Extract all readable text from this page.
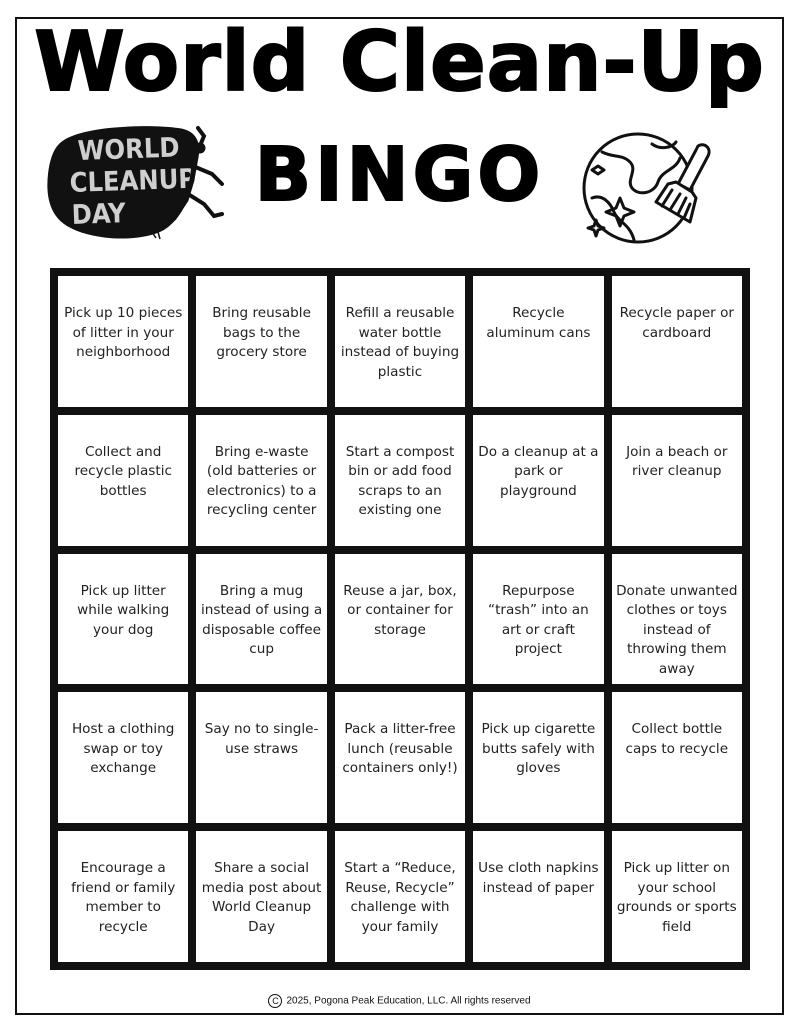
World Clean-Up
BINGO
WORLD
CLEANUP
DAY
Pick up 10 pieces of litter in your neighborhood
Bring reusable bags to the grocery store
Refill a reusable water bottle instead of buying plastic
Recycle aluminum cans
Recycle paper or cardboard
Collect and recycle plastic bottles
Bring e-waste (old batteries or electronics) to a recycling center
Start a compost bin or add food scraps to an existing one
Do a cleanup at a park or playground
Join a beach or river cleanup
Pick up litter while walking your dog
Bring a mug instead of using a disposable coffee cup
Reuse a jar, box, or container for storage
Repurpose “trash” into an art or craft project
Donate unwanted clothes or toys instead of throwing them away
Host a clothing swap or toy exchange
Say no to single-use straws
Pack a litter-free lunch (reusable containers only!)
Pick up cigarette butts safely with gloves
Collect bottle caps to recycle
Encourage a friend or family member to recycle
Share a social media post about World Cleanup Day
Start a “Reduce, Reuse, Recycle” challenge with your family
Use cloth napkins instead of paper
Pick up litter on your school grounds or sports field
C 2025, Pogona Peak Education, LLC. All rights reserved
